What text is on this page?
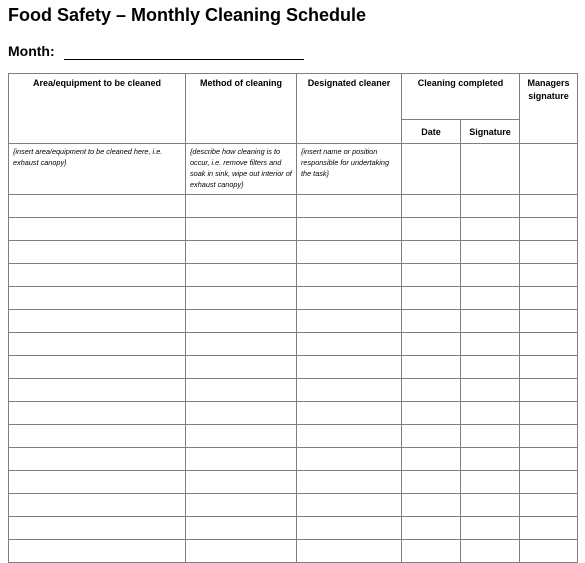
Food Safety – Monthly Cleaning Schedule
Month:
Area/equipment to be cleaned	Method of cleaning	Designated cleaner	Cleaning completed		Managers signature
			Date	Signature	
{insert area/equipment to be cleaned here, i.e. exhaust canopy}	{describe how cleaning is to occur, i.e. remove filters and soak in sink, wipe out interior of exhaust canopy}	{insert name or position responsible for undertaking the task}			
